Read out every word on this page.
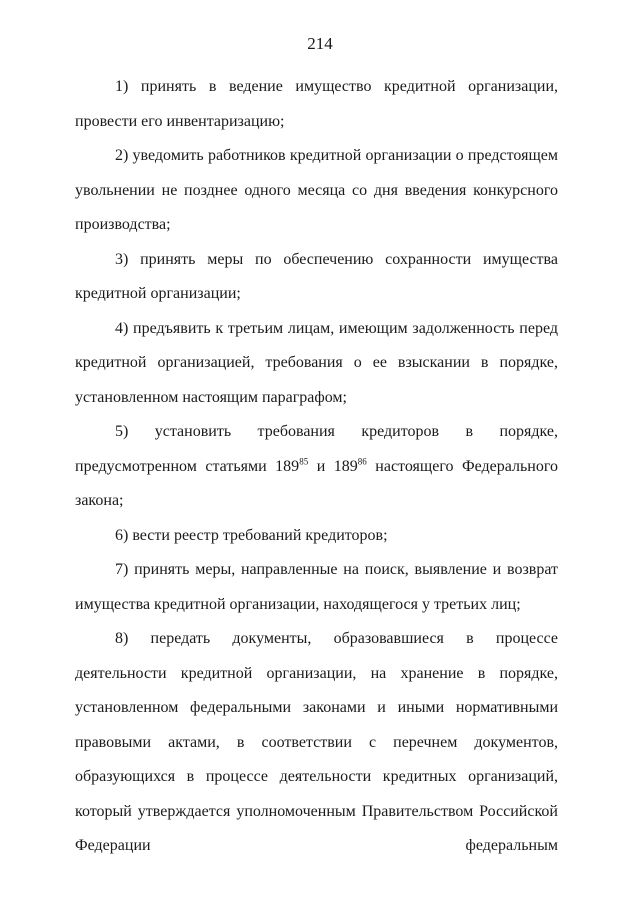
214

1) принять в ведение имущество кредитной организации, провести его инвентаризацию;

2) уведомить работников кредитной организации о предстоящем увольнении не позднее одного месяца со дня введения конкурсного производства;

3) принять меры по обеспечению сохранности имущества кредитной организации;

4) предъявить к третьим лицам, имеющим задолженность перед кредитной организацией, требования о ее взыскании в порядке, установленном настоящим параграфом;

5) установить требования кредиторов в порядке, предусмотренном статьями $189^{85}$ и $189^{86}$ настоящего Федерального закона;

6) вести реестр требований кредиторов;

7) принять меры, направленные на поиск, выявление и возврат имущества кредитной организации, находящегося у третьих лиц;

8) передать документы, образовавшиеся в процессе деятельности кредитной организации, на хранение в порядке, установленном федеральными законами и иными нормативными правовыми актами, в соответствии с перечнем документов, образующихся в процессе деятельности кредитных организаций, который утверждается уполномоченным Правительством Российской Федерации федеральным
